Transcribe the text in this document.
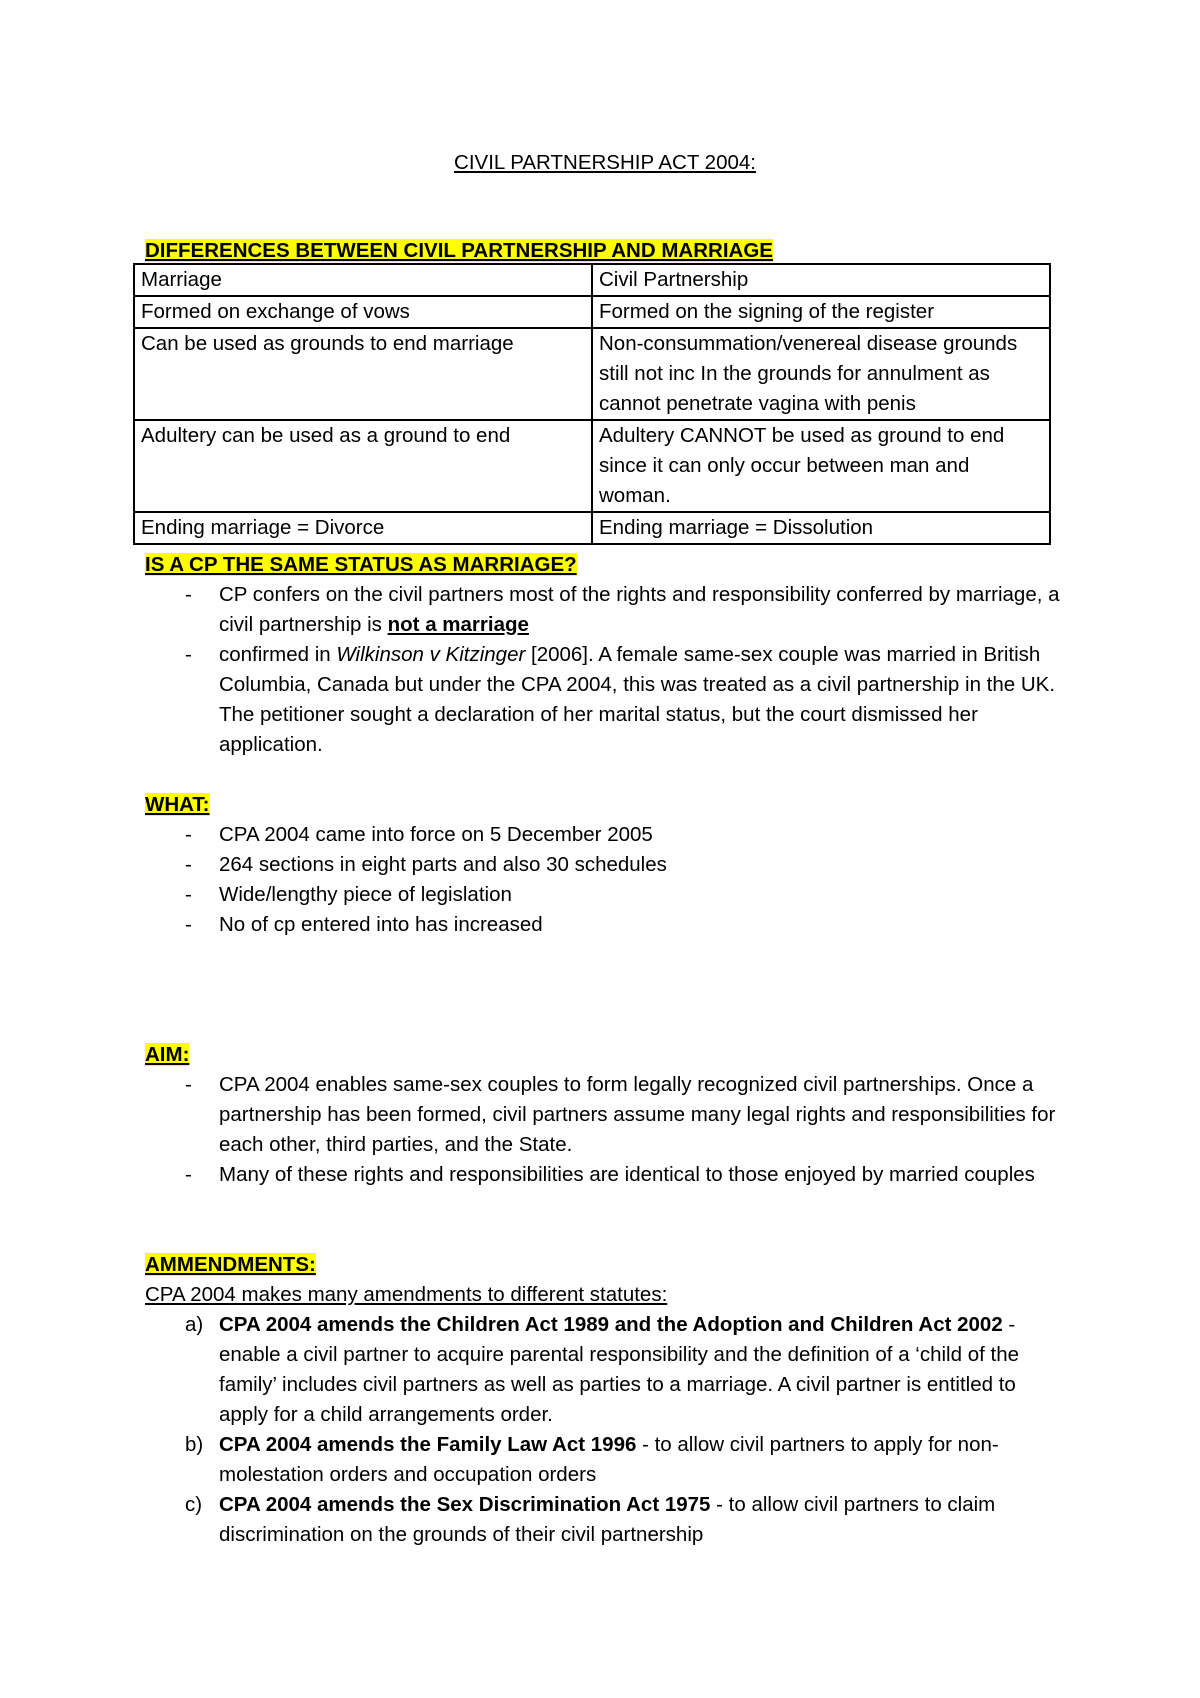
CIVIL PARTNERSHIP ACT 2004:

DIFFERENCES BETWEEN CIVIL PARTNERSHIP AND MARRIAGE

Marriage	Civil Partnership
Formed on exchange of vows	Formed on the signing of the register
Can be used as grounds to end marriage	Non-consummation/venereal disease grounds still not inc In the grounds for annulment as cannot penetrate vagina with penis
Adultery can be used as a ground to end	Adultery CANNOT be used as ground to end since it can only occur between man and woman.
Ending marriage = Divorce	Ending marriage = Dissolution

IS A CP THE SAME STATUS AS MARRIAGE?

- CP confers on the civil partners most of the rights and responsibility conferred by marriage, a civil partnership is not a marriage
- confirmed in Wilkinson v Kitzinger [2006]. A female same-sex couple was married in British Columbia, Canada but under the CPA 2004, this was treated as a civil partnership in the UK. The petitioner sought a declaration of her marital status, but the court dismissed her application.

WHAT:

- CPA 2004 came into force on 5 December 2005
- 264 sections in eight parts and also 30 schedules
- Wide/lengthy piece of legislation
- No of cp entered into has increased

AIM:

- CPA 2004 enables same-sex couples to form legally recognized civil partnerships. Once a partnership has been formed, civil partners assume many legal rights and responsibilities for each other, third parties, and the State.
- Many of these rights and responsibilities are identical to those enjoyed by married couples

AMMENDMENTS:

CPA 2004 makes many amendments to different statutes:

a) CPA 2004 amends the Children Act 1989 and the Adoption and Children Act 2002 - enable a civil partner to acquire parental responsibility and the definition of a ‘child of the family’ includes civil partners as well as parties to a marriage. A civil partner is entitled to apply for a child arrangements order.
b) CPA 2004 amends the Family Law Act 1996 - to allow civil partners to apply for non-molestation orders and occupation orders
c) CPA 2004 amends the Sex Discrimination Act 1975 - to allow civil partners to claim discrimination on the grounds of their civil partnership
